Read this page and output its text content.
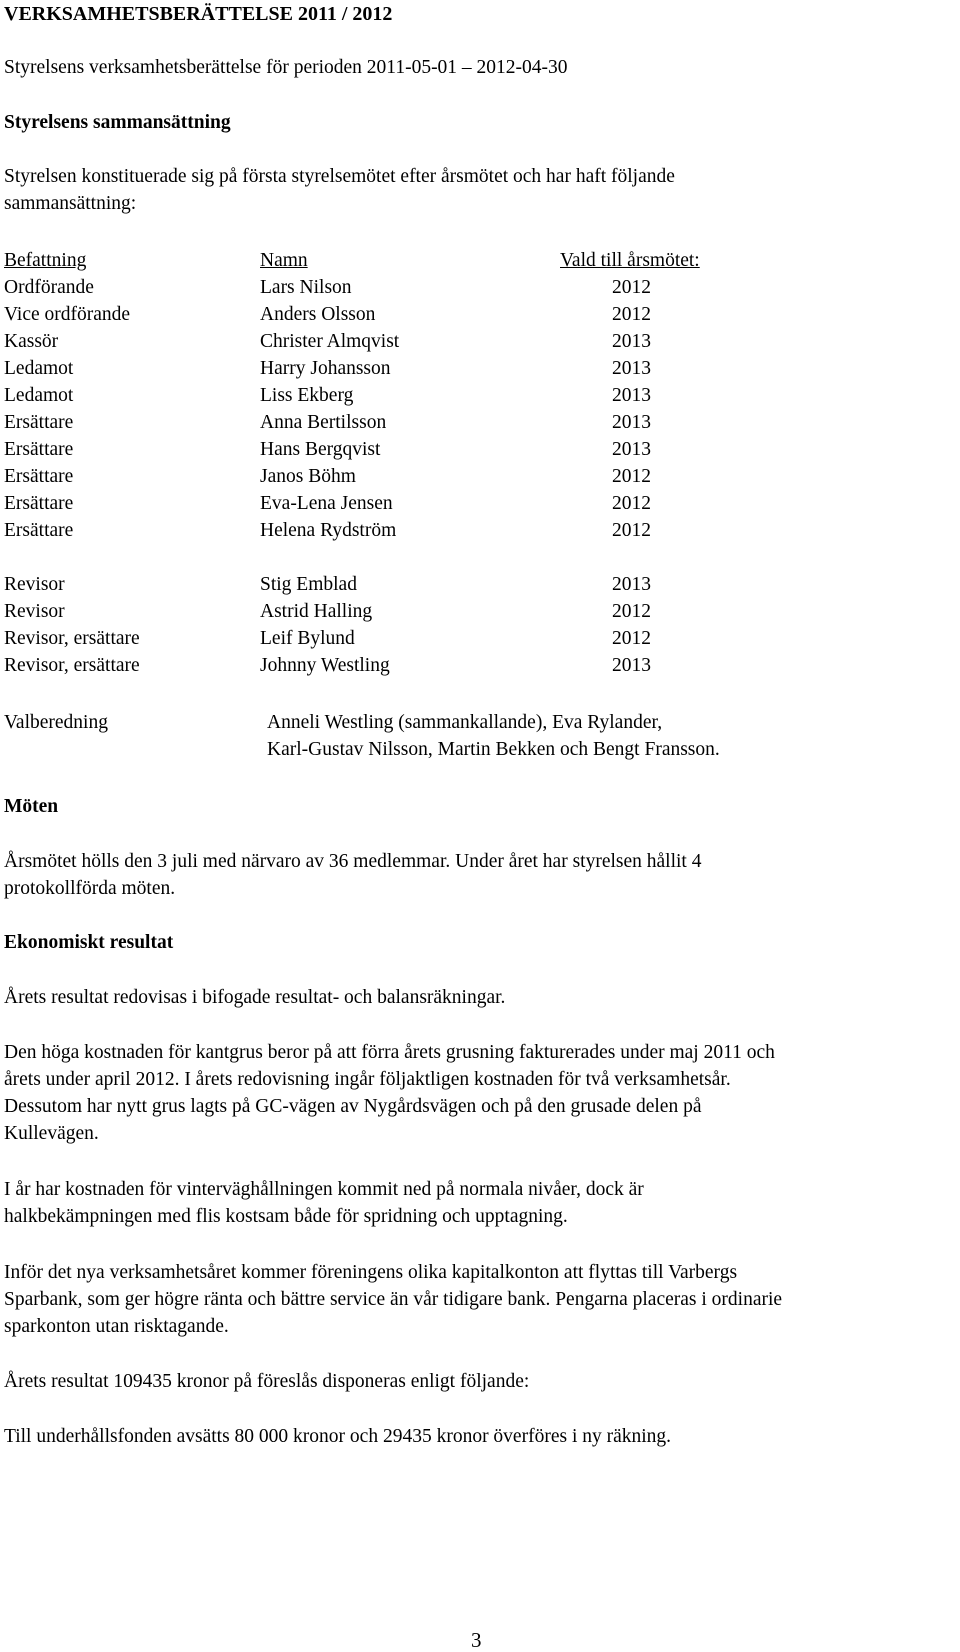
VERKSAMHETSBERÄTTELSE 2011 / 2012
Styrelsens verksamhetsberättelse för perioden 2011-05-01 – 2012-04-30
Styrelsens sammansättning
Styrelsen konstituerade sig på första styrelsemötet efter årsmötet och har haft följande
sammansättning:
Befattning	Namn	Vald till årsmötet:
Ordförande	Lars Nilson	2012
Vice ordförande	Anders Olsson	2012
Kassör	Christer Almqvist	2013
Ledamot	Harry Johansson	2013
Ledamot	Liss Ekberg	2013
Ersättare	Anna Bertilsson	2013
Ersättare	Hans Bergqvist	2013
Ersättare	Janos Böhm	2012
Ersättare	Eva-Lena Jensen	2012
Ersättare	Helena Rydström	2012
Revisor	Stig Emblad	2013
Revisor	Astrid Halling	2012
Revisor, ersättare	Leif Bylund	2012
Revisor, ersättare	Johnny Westling	2013
Valberedning	Anneli Westling (sammankallande), Eva Rylander,
Karl-Gustav Nilsson, Martin Bekken och Bengt Fransson.
Möten
Årsmötet hölls den 3 juli med närvaro av 36 medlemmar. Under året har styrelsen hållit 4
protokollförda möten.
Ekonomiskt resultat
Årets resultat redovisas i bifogade resultat- och balansräkningar.
Den höga kostnaden för kantgrus beror på att förra årets grusning fakturerades under maj 2011 och
årets under april 2012. I årets redovisning ingår följaktligen kostnaden för två verksamhetsår.
Dessutom har nytt grus lagts på GC-vägen av Nygårdsvägen och på den grusade delen på
Kullevägen.
I år har kostnaden för vinterväghållningen kommit ned på normala nivåer, dock är
halkbekämpningen med flis kostsam både för spridning och upptagning.
Inför det nya verksamhetsåret kommer föreningens olika kapitalkonton att flyttas till Varbergs
Sparbank, som ger högre ränta och bättre service än vår tidigare bank. Pengarna placeras i ordinarie
sparkonton utan risktagande.
Årets resultat 109435 kronor på föreslås disponeras enligt följande:
Till underhållsfonden avsätts 80 000 kronor och 29435 kronor överföres i ny räkning.
3
